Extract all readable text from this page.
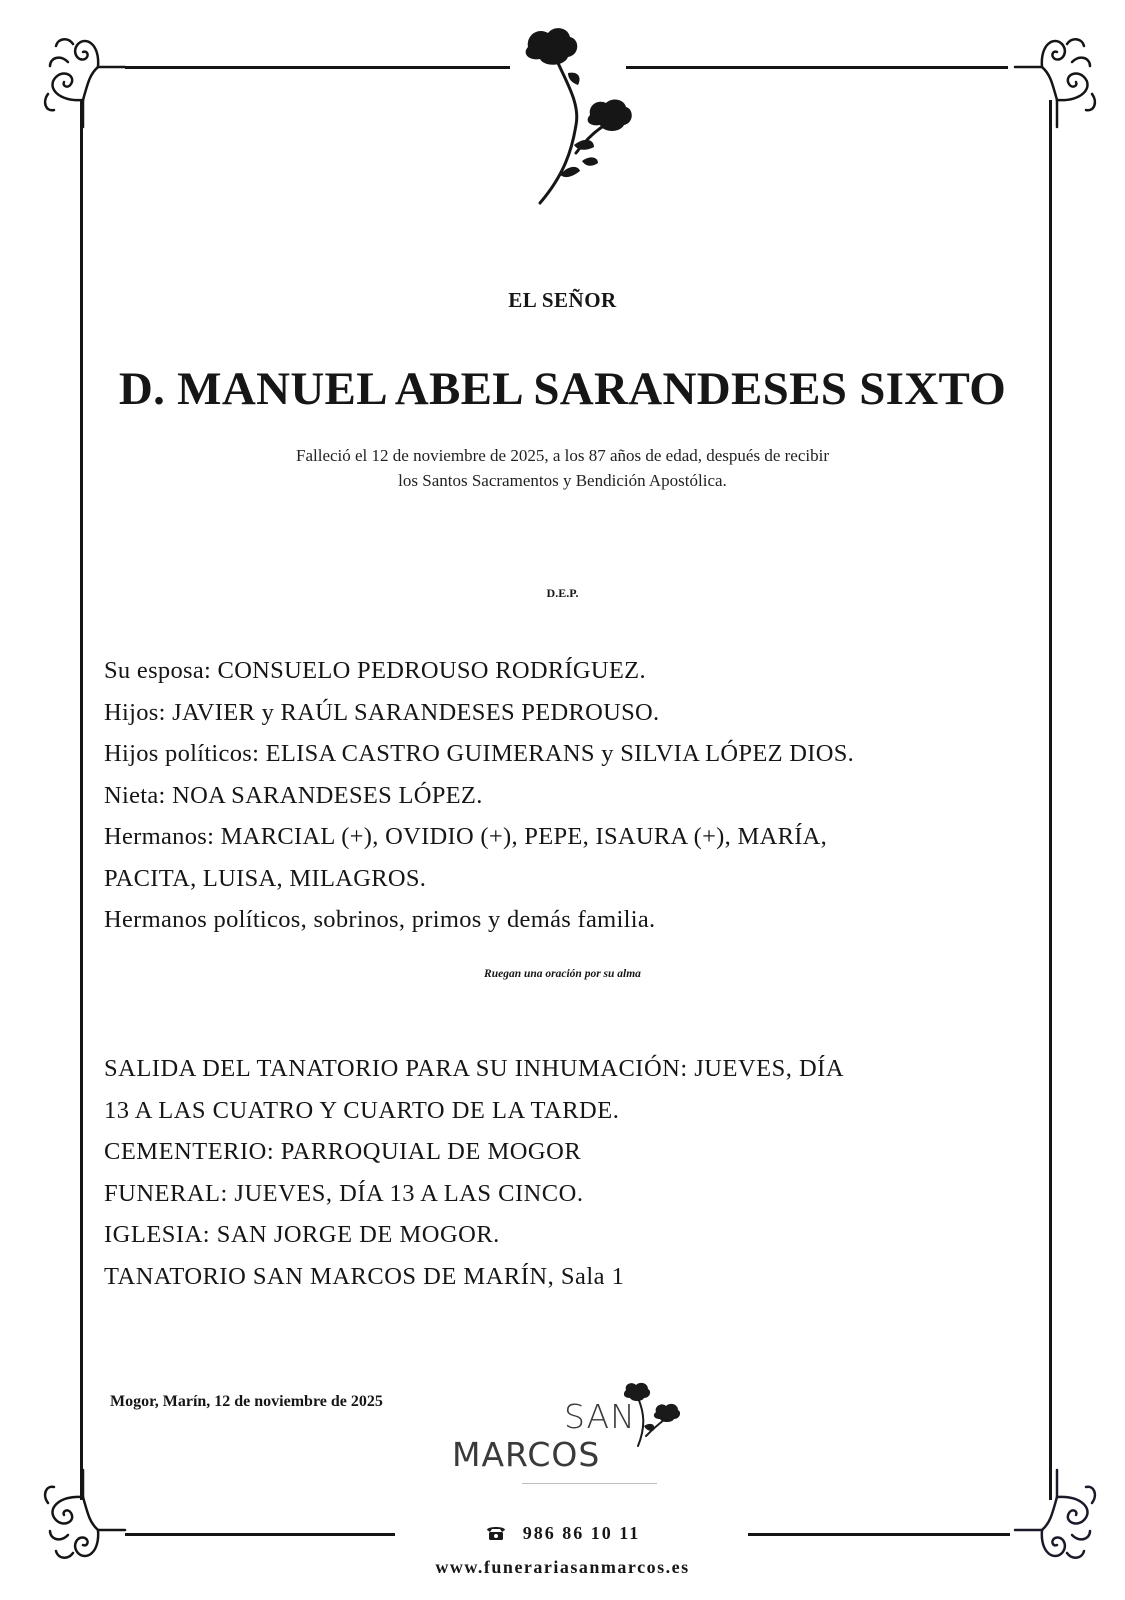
EL SEÑOR
D. MANUEL ABEL SARANDESES SIXTO
Falleció el 12 de noviembre de 2025, a los 87 años de edad, después de recibir
los Santos Sacramentos y Bendición Apostólica.
D.E.P.
Su esposa: CONSUELO PEDROUSO RODRÍGUEZ.
Hijos: JAVIER y RAÚL SARANDESES PEDROUSO.
Hijos políticos: ELISA CASTRO GUIMERANS y SILVIA LÓPEZ DIOS.
Nieta: NOA SARANDESES LÓPEZ.
Hermanos: MARCIAL (+), OVIDIO (+), PEPE, ISAURA (+), MARÍA,
PACITA, LUISA, MILAGROS.
Hermanos políticos, sobrinos, primos y demás familia.
Ruegan una oración por su alma
SALIDA DEL TANATORIO PARA SU INHUMACIÓN: JUEVES, DÍA
13 A LAS CUATRO Y CUARTO DE LA TARDE.
CEMENTERIO: PARROQUIAL DE MOGOR
FUNERAL: JUEVES, DÍA 13 A LAS CINCO.
IGLESIA: SAN JORGE DE MOGOR.
TANATORIO SAN MARCOS DE MARÍN, Sala 1
Mogor, Marín, 12 de noviembre de 2025	SAN
MARCOS
986 86 10 11
www.funerariasanmarcos.es
